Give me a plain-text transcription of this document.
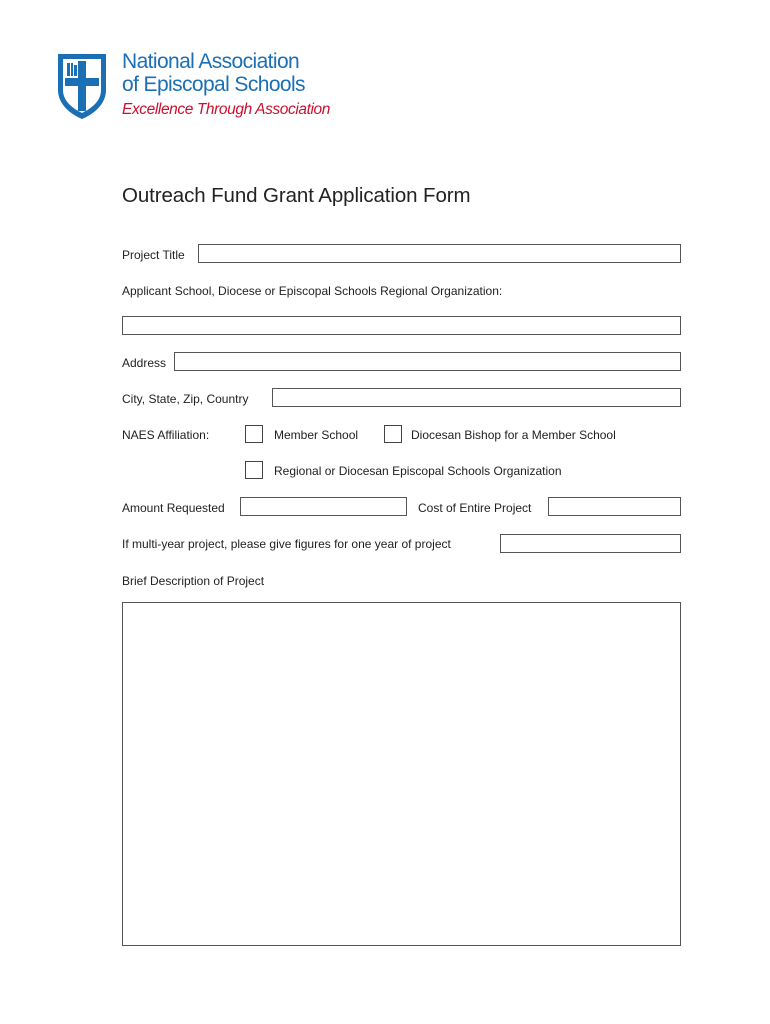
National Association
of Episcopal Schools
Excellence Through Association
Outreach Fund Grant Application Form
Project Title
Applicant School, Diocese or Episcopal Schools Regional Organization:
Address
City, State, Zip, Country
NAES Affiliation:	Member School	Diocesan Bishop for a Member School
Regional or Diocesan Episcopal Schools Organization
Amount Requested	Cost of Entire Project
If multi-year project, please give figures for one year of project
Brief Description of Project
